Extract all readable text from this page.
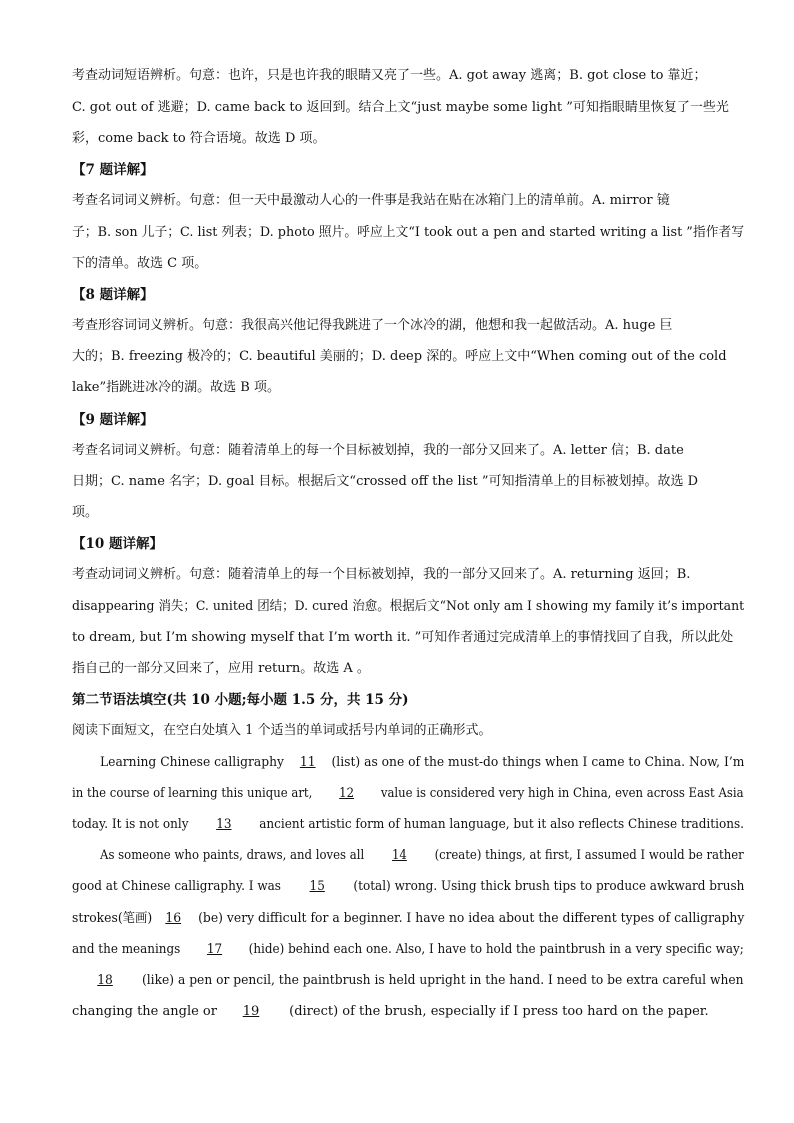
考查动词短语辨析。句意：也许，只是也许我的眼睛又亮了一些。A. got away 逃离；B. got close to 靠近；
C. got out of 逃避；D. came back to 返回到。结合上文“just maybe some light ”可知指眼睛里恢复了一些光
彩，come back to 符合语境。故选 D 项。
【7 题详解】
考查名词词义辨析。句意：但一天中最激动人心的一件事是我站在贴在冰箱门上的清单前。A. mirror 镜
子；B. son 儿子；C. list 列表；D. photo 照片。呼应上文“I took out a pen and started writing a list ”指作者写
下的清单。故选 C 项。
【8 题详解】
考查形容词词义辨析。句意：我很高兴他记得我跳进了一个冰冷的湖，他想和我一起做活动。A. huge 巨
大的；B. freezing 极冷的；C. beautiful 美丽的；D. deep 深的。呼应上文中“When coming out of the cold
lake”指跳进冰冷的湖。故选 B 项。
【9 题详解】
考查名词词义辨析。句意：随着清单上的每一个目标被划掉，我的一部分又回来了。A. letter 信；B. date
日期；C. name 名字；D. goal 目标。根据后文“crossed off the list ”可知指清单上的目标被划掉。故选 D
项。
【10 题详解】
考查动词词义辨析。句意：随着清单上的每一个目标被划掉，我的一部分又回来了。A. returning 返回；B.
disappearing 消失；C. united 团结；D. cured 治愈。根据后文“Not only am I showing my family it’s important
to dream, but I’m showing myself that I’m worth it. ”可知作者通过完成清单上的事情找回了自我，所以此处
指自己的一部分又回来了，应用 return。故选 A 。
第二节语法填空(共 10 小题;每小题 1.5 分，共 15 分)
阅读下面短文，在空白处填入 1 个适当的单词或括号内单词的正确形式。
Learning Chinese calligraphy 11 (list) as one of the must-do things when I came to China. Now, I’m
in the course of learning this unique art, 12 value is considered very high in China, even across East Asia
today. It is not only 13 ancient artistic form of human language, but it also reflects Chinese traditions.
As someone who paints, draws, and loves all 14 (create) things, at first, I assumed I would be rather
good at Chinese calligraphy. I was 15 (total) wrong. Using thick brush tips to produce awkward brush
strokes(笔画) 16 (be) very difficult for a beginner. I have no idea about the different types of calligraphy
and the meanings 17 (hide) behind each one. Also, I have to hold the paintbrush in a very specific way;
18 (like) a pen or pencil, the paintbrush is held upright in the hand. I need to be extra careful when
changing the angle or 19 (direct) of the brush, especially if I press too hard on the paper.
